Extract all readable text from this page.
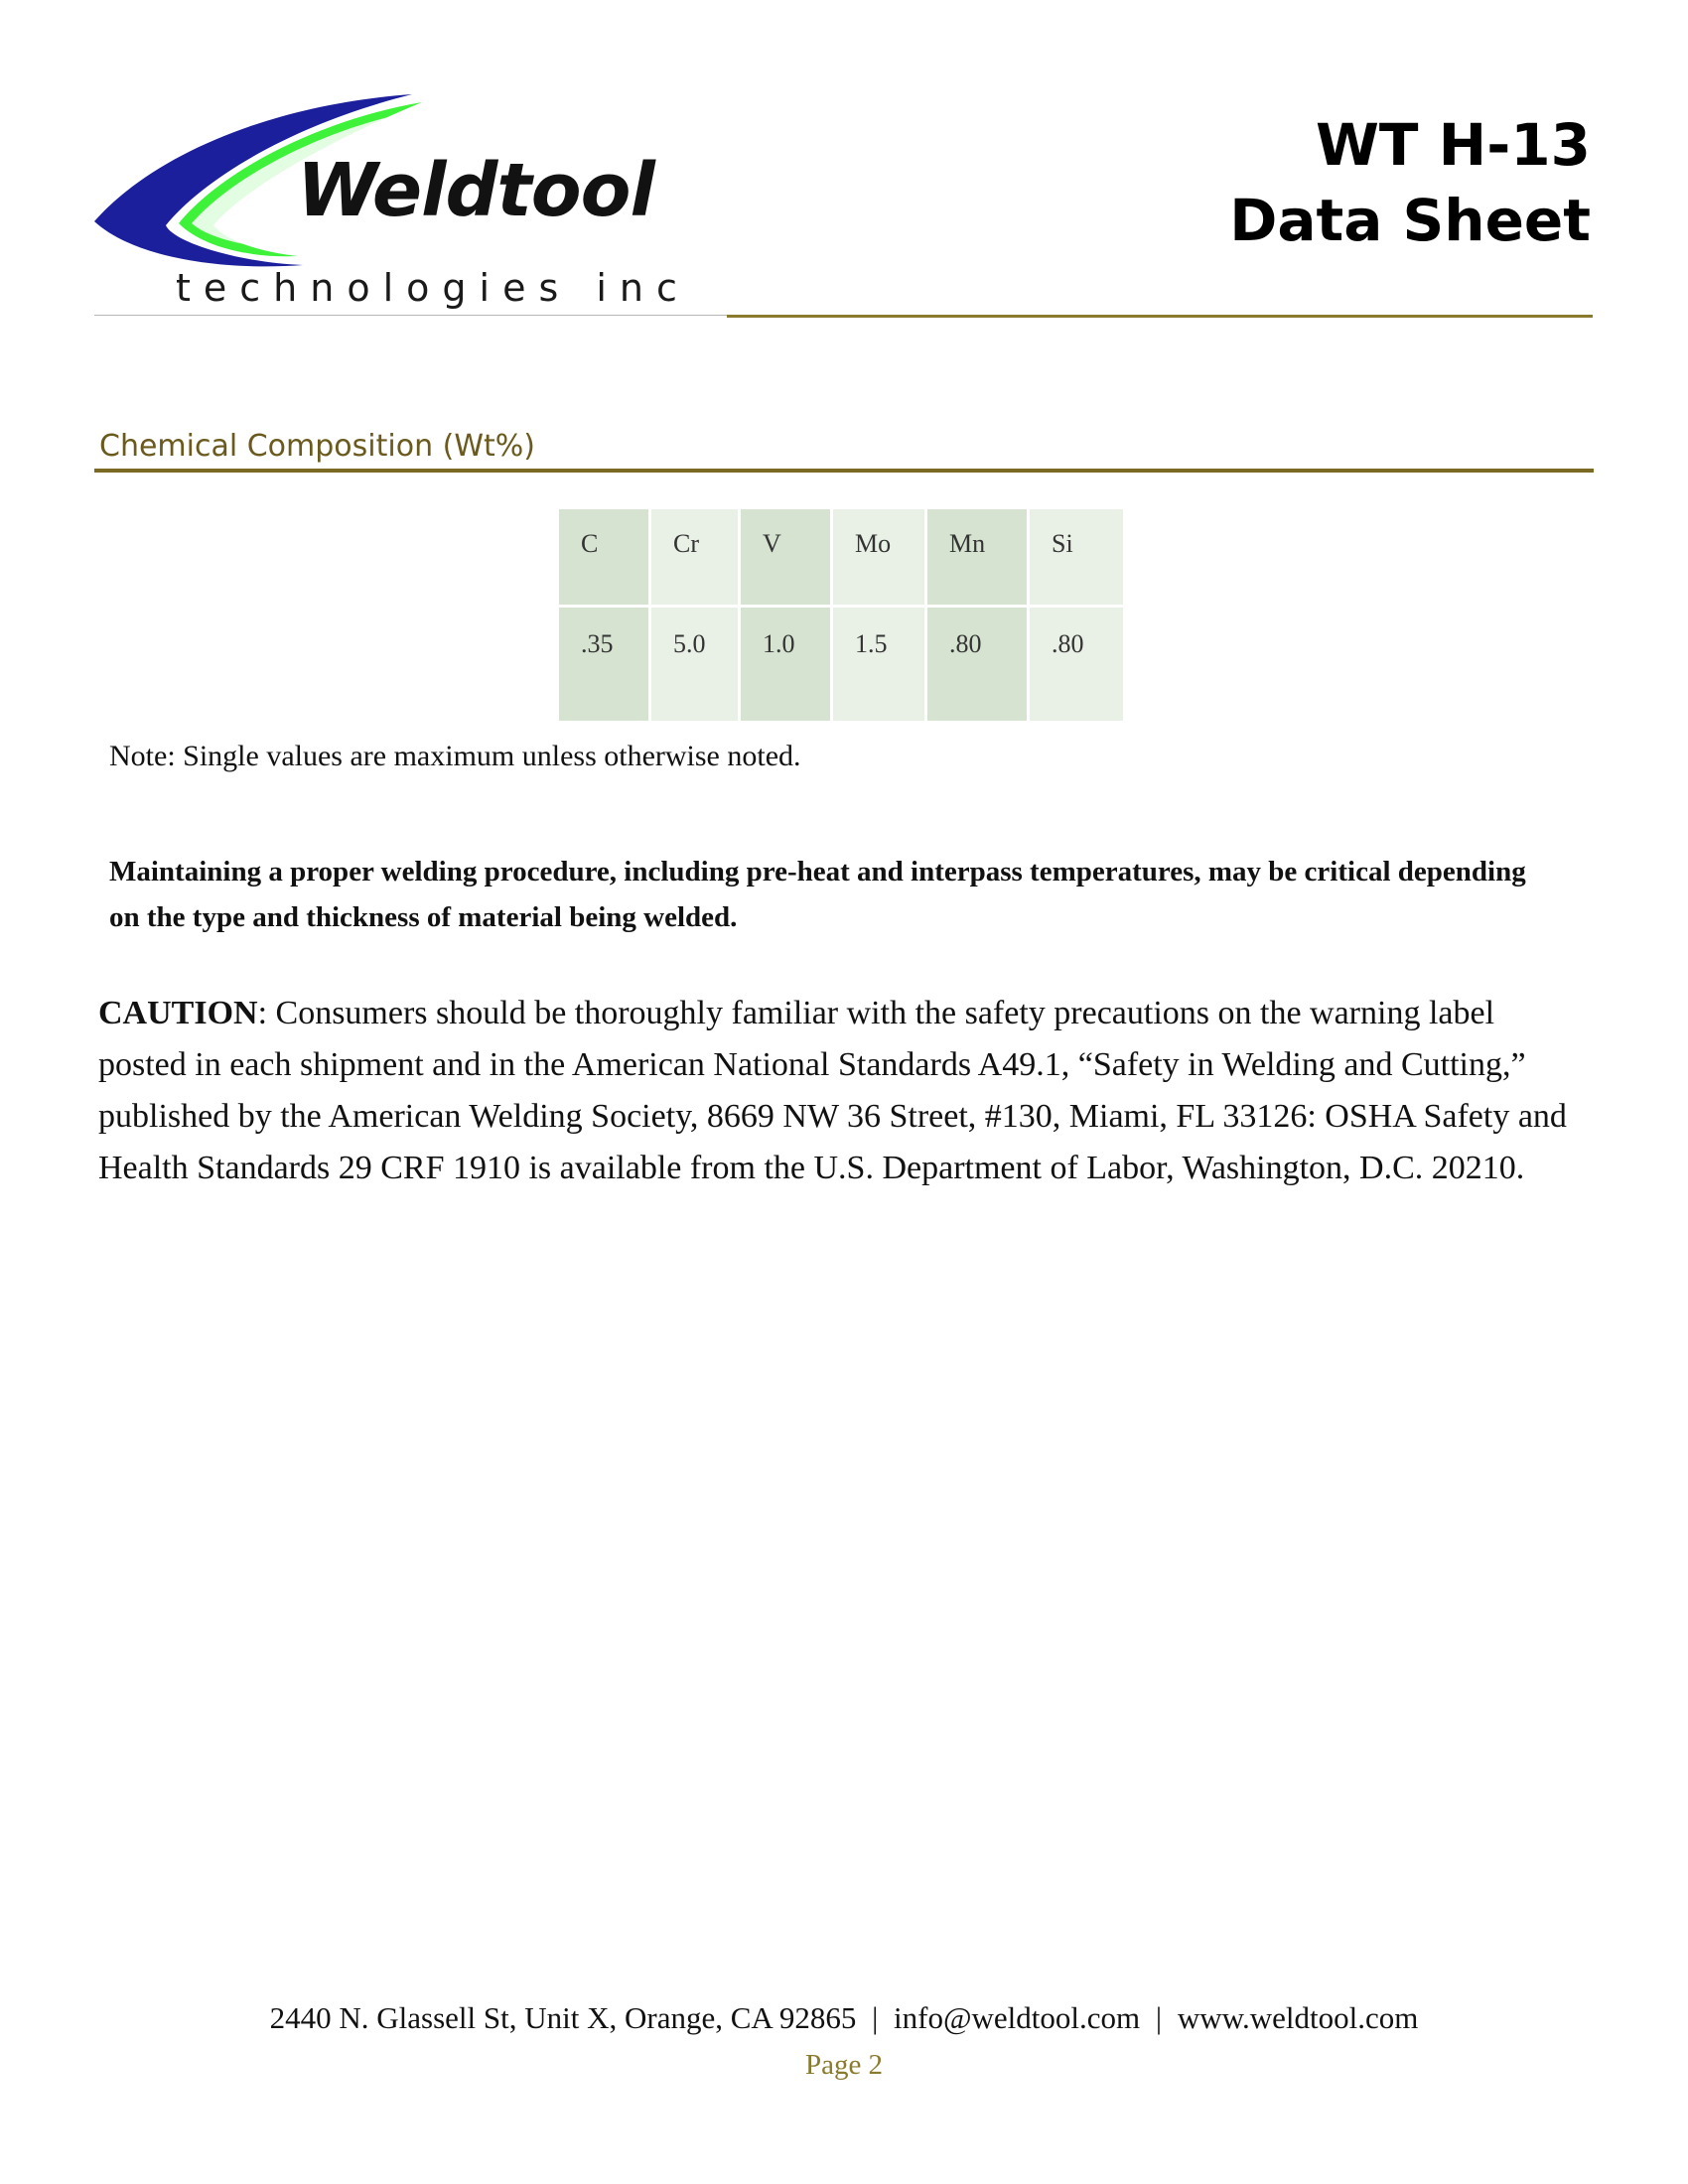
Weldtool
technologies inc
WT H-13
Data Sheet
Chemical Composition (Wt%)
C	Cr	V	Mo	Mn	Si
.35	5.0	1.0	1.5	.80	.80
Note: Single values are maximum unless otherwise noted.
Maintaining a proper welding procedure, including pre-heat and interpass temperatures, may be critical depending on the type and thickness of material being welded.
CAUTION: Consumers should be thoroughly familiar with the safety precautions on the warning label posted in each shipment and in the American National Standards A49.1, “Safety in Welding and Cutting,” published by the American Welding Society, 8669 NW 36 Street, #130, Miami, FL 33126: OSHA Safety and Health Standards 29 CRF 1910 is available from the U.S. Department of Labor, Washington, D.C. 20210.
2440 N. Glassell St, Unit X, Orange, CA 92865 | info@weldtool.com | www.weldtool.com
Page 2
